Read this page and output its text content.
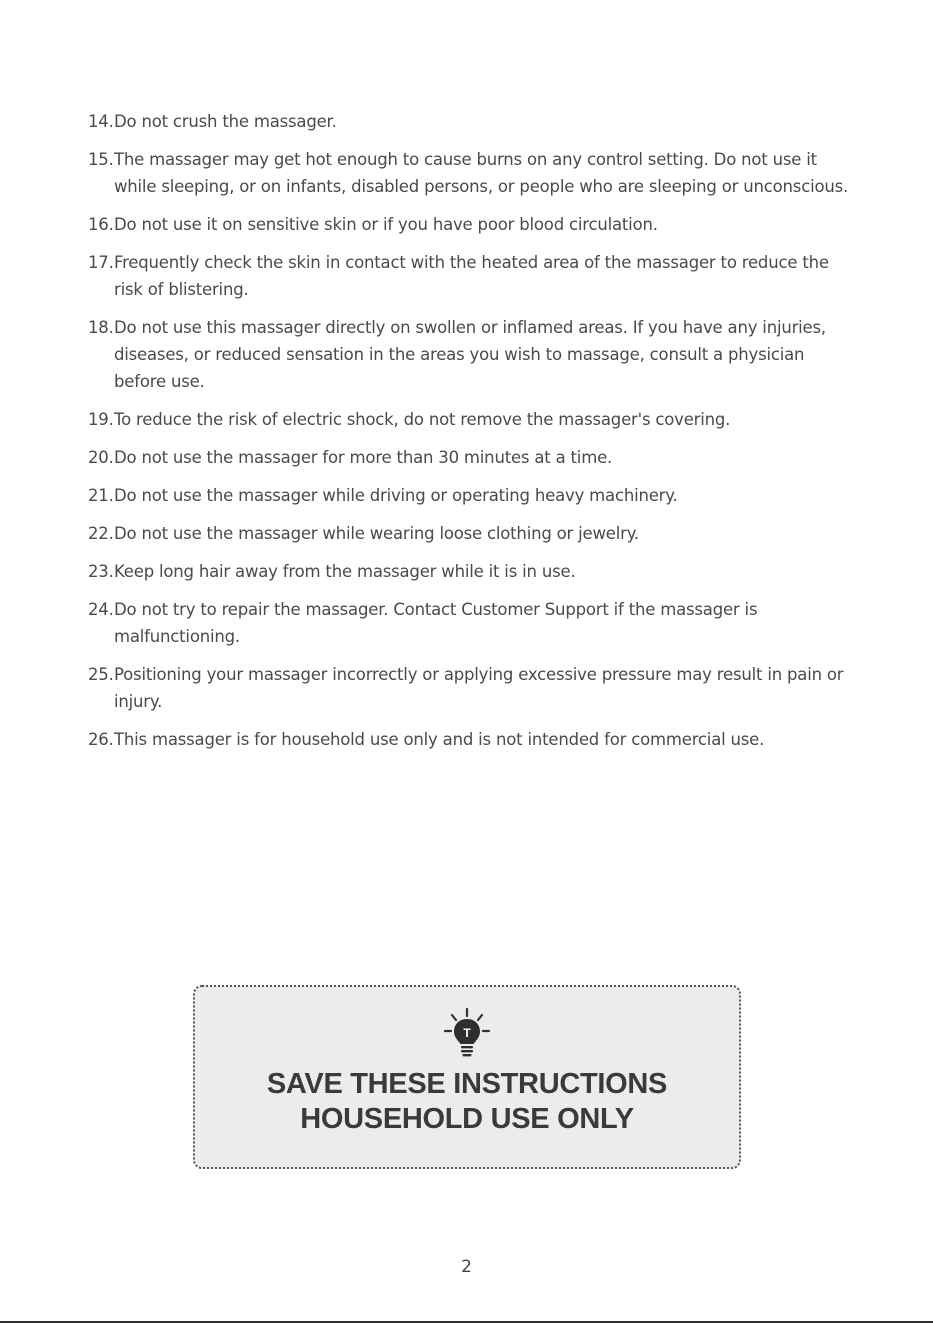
14. Do not crush the massager.
15. The massager may get hot enough to cause burns on any control setting. Do not use it while sleeping, or on infants, disabled persons, or people who are sleeping or unconscious.
16. Do not use it on sensitive skin or if you have poor blood circulation.
17. Frequently check the skin in contact with the heated area of the massager to reduce the risk of blistering.
18. Do not use this massager directly on swollen or inflamed areas. If you have any injuries, diseases, or reduced sensation in the areas you wish to massage, consult a physician before use.
19. To reduce the risk of electric shock, do not remove the massager's covering.
20. Do not use the massager for more than 30 minutes at a time.
21. Do not use the massager while driving or operating heavy machinery.
22. Do not use the massager while wearing loose clothing or jewelry.
23. Keep long hair away from the massager while it is in use.
24. Do not try to repair the massager. Contact Customer Support if the massager is malfunctioning.
25. Positioning your massager incorrectly or applying excessive pressure may result in pain or injury.
26. This massager is for household use only and is not intended for commercial use.
T
SAVE THESE INSTRUCTIONS
HOUSEHOLD USE ONLY
2
